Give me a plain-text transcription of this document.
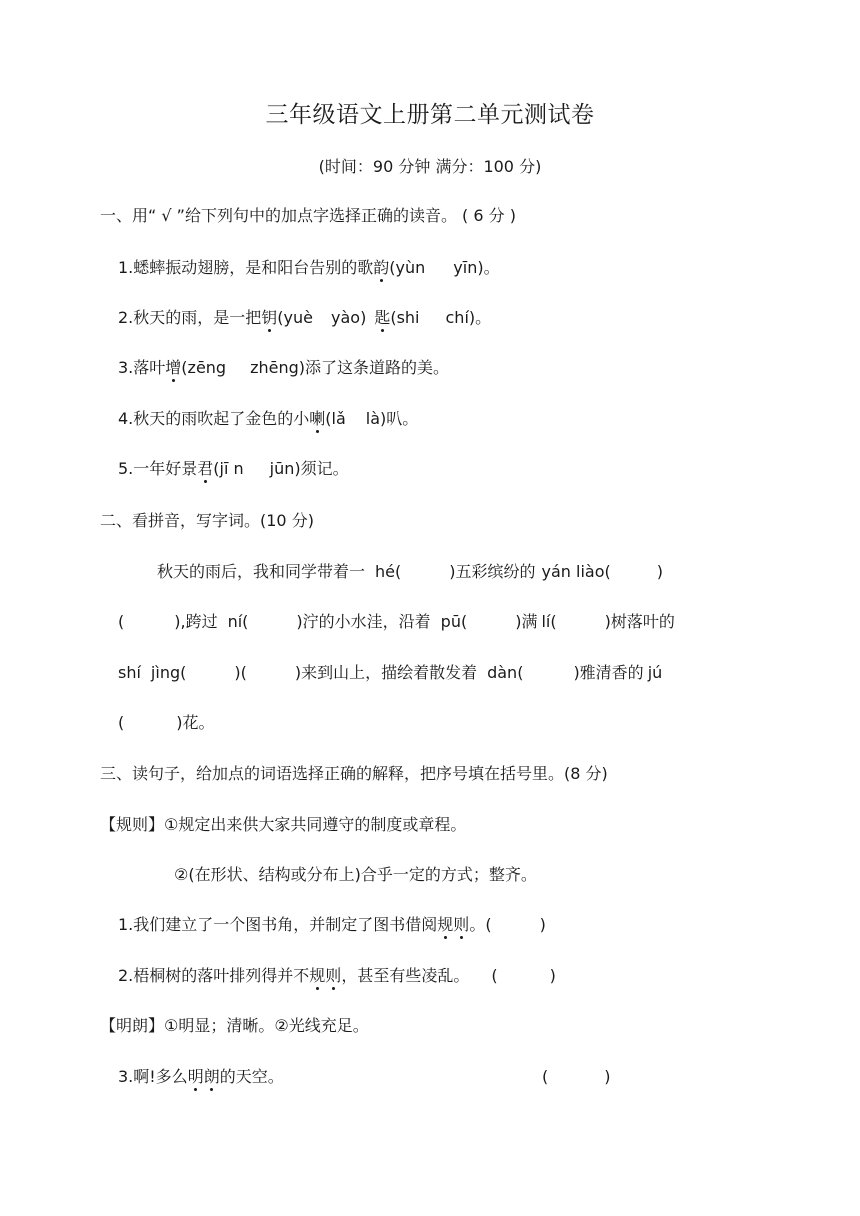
三年级语文上册第二单元测试卷
(时间：90 分钟 满分：100 分)
一、用“ √ ”给下列句中的加点字选择正确的读音。 ( 6 分 )
1.蟋蟀振动翅膀，是和阳台告别的歌韵(yùn yīn)。
2.秋天的雨，是一把钥(yuè yào) 匙(shi chí)。
3.落叶增(zēng zhēng)添了这条道路的美。
4.秋天的雨吹起了金色的小喇(lǎ là)叭。
5.一年好景君(jī n jūn)须记。
二、看拼音，写字词。(10 分)
秋天的雨后，我和同学带着一 hé(	)五彩缤纷的 yán liào(	)
(	),跨过 ní(	)泞的小水洼，沿着 pū(	)满 lí(	)树落叶的
shí jìng(	)(	)来到山上，描绘着散发着 dàn(	)雅清香的 jú
(	)花。
三、读句子，给加点的词语选择正确的解释，把序号填在括号里。(8 分)
【规则】①规定出来供大家共同遵守的制度或章程。
②(在形状、结构或分布上)合乎一定的方式；整齐。
1.我们建立了一个图书角，并制定了图书借阅规则。(	)
2.梧桐树的落叶排列得并不规则，甚至有些凌乱。 (	)
【明朗】①明显；清晰。②光线充足。
3.啊!多么明朗的天空。	(	)
